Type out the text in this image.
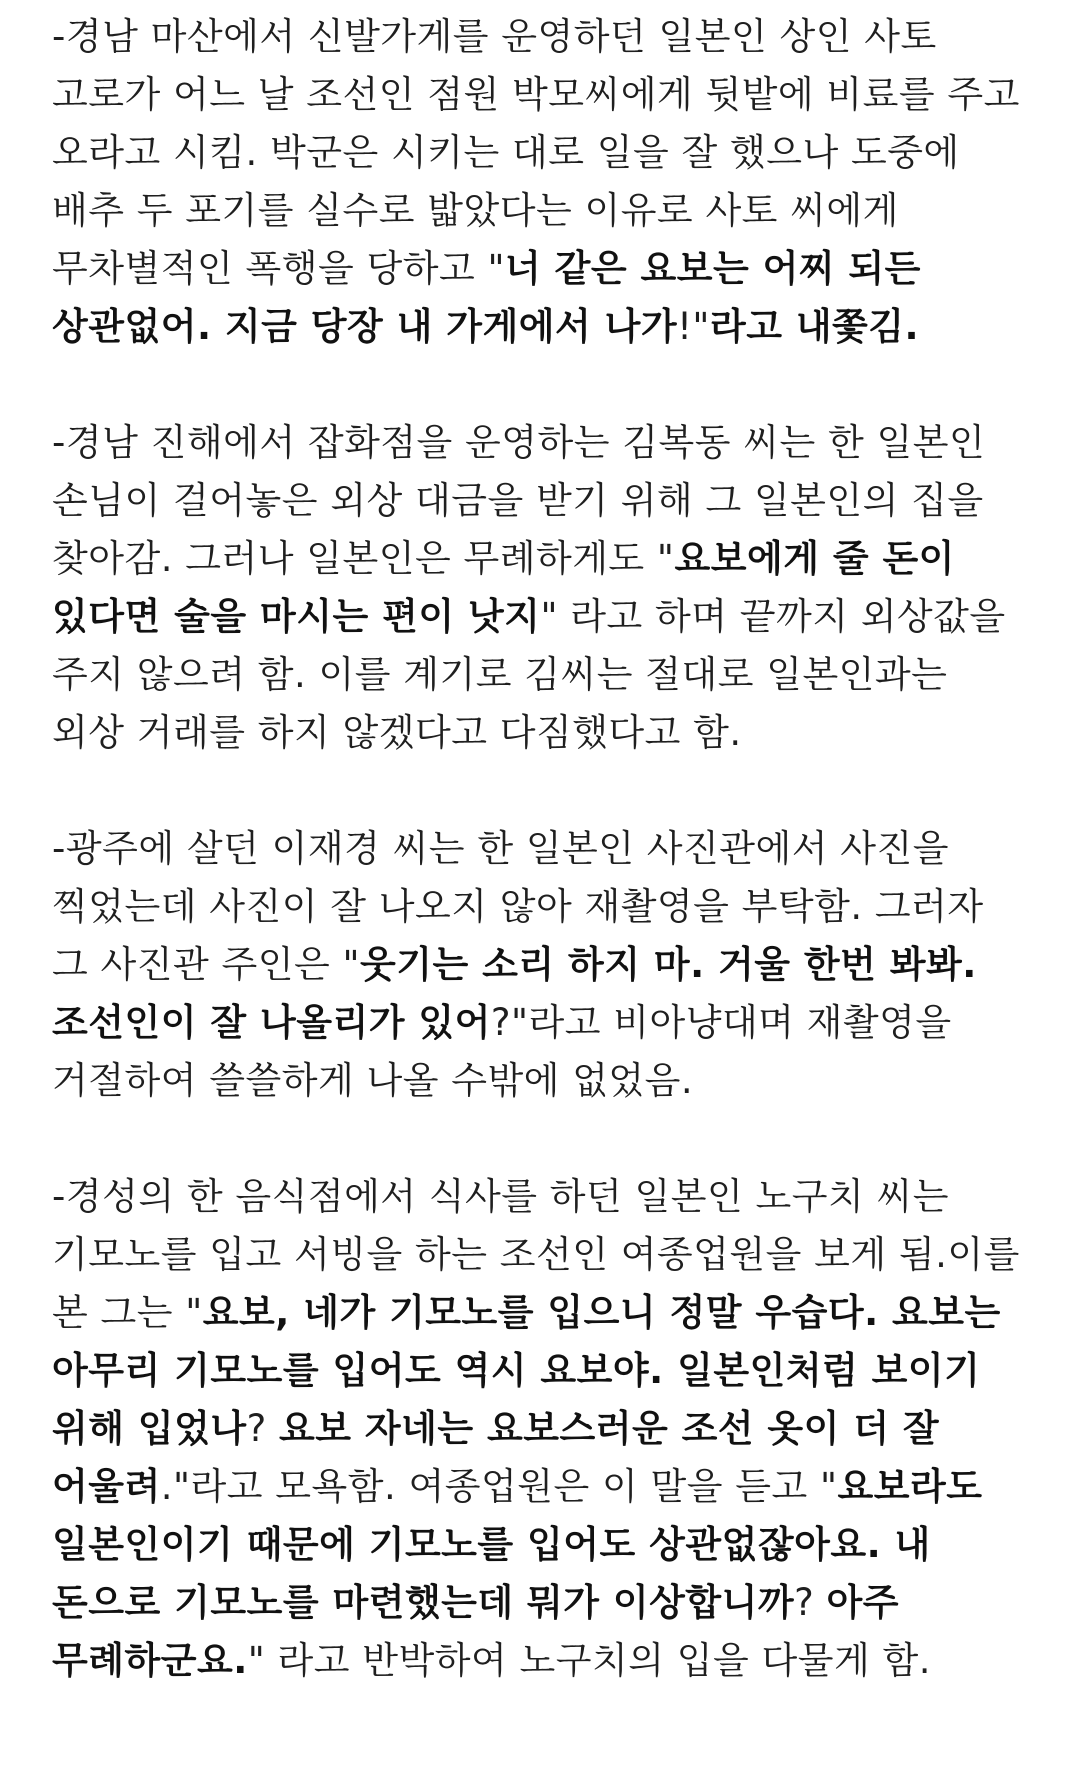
-경남 마산에서 신발가게를 운영하던 일본인 상인 사토 고로가 어느 날 조선인 점원 박모씨에게 뒷밭에 비료를 주고 오라고 시킴. 박군은 시키는 대로 일을 잘 했으나 도중에 배추 두 포기를 실수로 밟았다는 이유로 사토 씨에게 무차별적인 폭행을 당하고 "너 같은 요보는 어찌 되든 상관없어. 지금 당장 내 가게에서 나가!"라고 내쫓김.

-경남 진해에서 잡화점을 운영하는 김복동 씨는 한 일본인 손님이 걸어놓은 외상 대금을 받기 위해 그 일본인의 집을 찾아감. 그러나 일본인은 무례하게도 "요보에게 줄 돈이 있다면 술을 마시는 편이 낫지" 라고 하며 끝까지 외상값을 주지 않으려 함. 이를 계기로 김씨는 절대로 일본인과는 외상 거래를 하지 않겠다고 다짐했다고 함.

-광주에 살던 이재경 씨는 한 일본인 사진관에서 사진을 찍었는데 사진이 잘 나오지 않아 재촬영을 부탁함. 그러자 그 사진관 주인은 "웃기는 소리 하지 마. 거울 한번 봐봐. 조선인이 잘 나올리가 있어?"라고 비아냥대며 재촬영을 거절하여 쓸쓸하게 나올 수밖에 없었음.

-경성의 한 음식점에서 식사를 하던 일본인 노구치 씨는 기모노를 입고 서빙을 하는 조선인 여종업원을 보게 됨.이를 본 그는 "요보, 네가 기모노를 입으니 정말 우습다. 요보는 아무리 기모노를 입어도 역시 요보야. 일본인처럼 보이기 위해 입었나? 요보 자네는 요보스러운 조선 옷이 더 잘 어울려."라고 모욕함. 여종업원은 이 말을 듣고 "요보라도 일본인이기 때문에 기모노를 입어도 상관없잖아요. 내 돈으로 기모노를 마련했는데 뭐가 이상합니까? 아주 무례하군요." 라고 반박하여 노구치의 입을 다물게 함.
